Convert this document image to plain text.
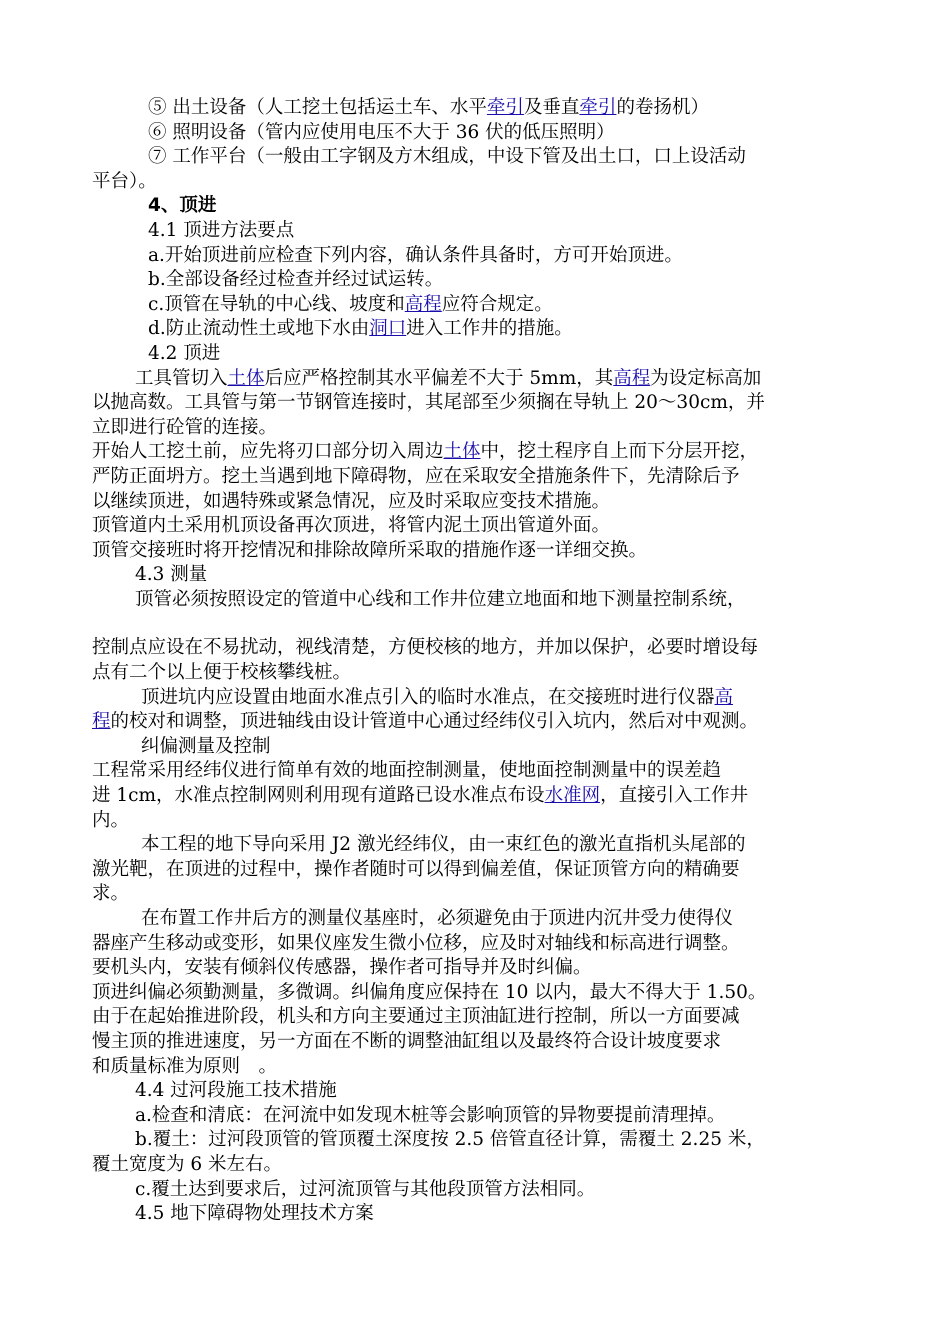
⑤ 出土设备（人工挖土包括运土车、水平牵引及垂直牵引的卷扬机）
⑥ 照明设备（管内应使用电压不大于 36 伏的低压照明）
⑦ 工作平台（一般由工字钢及方木组成，中设下管及出土口，口上设活动
平台）。
4、顶进
4.1 顶进方法要点
a.开始顶进前应检查下列内容，确认条件具备时，方可开始顶进。
b.全部设备经过检查并经过试运转。
c.顶管在导轨的中心线、坡度和高程应符合规定。
d.防止流动性土或地下水由洞口进入工作井的措施。
4.2 顶进
工具管切入土体后应严格控制其水平偏差不大于 5mm，其高程为设定标高加
以抛高数。工具管与第一节钢管连接时，其尾部至少须搁在导轨上 20～30cm，并
立即进行砼管的连接。
开始人工挖土前，应先将刃口部分切入周边土体中，挖土程序自上而下分层开挖，
严防正面坍方。挖土当遇到地下障碍物，应在采取安全措施条件下，先清除后予
以继续顶进，如遇特殊或紧急情况，应及时采取应变技术措施。
顶管道内土采用机顶设备再次顶进，将管内泥土顶出管道外面。
顶管交接班时将开挖情况和排除故障所采取的措施作逐一详细交换。
4.3 测量
顶管必须按照设定的管道中心线和工作井位建立地面和地下测量控制系统，
控制点应设在不易扰动，视线清楚，方便校核的地方，并加以保护，必要时增设每
点有二个以上便于校核攀线桩。
顶进坑内应设置由地面水准点引入的临时水准点，在交接班时进行仪器高
程的校对和调整，顶进轴线由设计管道中心通过经纬仪引入坑内，然后对中观测。
纠偏测量及控制
工程常采用经纬仪进行简单有效的地面控制测量，使地面控制测量中的误差趋
进 1cm，水准点控制网则利用现有道路已设水准点布设水准网，直接引入工作井
内。
本工程的地下导向采用 J2 激光经纬仪，由一束红色的激光直指机头尾部的
激光靶，在顶进的过程中，操作者随时可以得到偏差值，保证顶管方向的精确要
求。
在布置工作井后方的测量仪基座时，必须避免由于顶进内沉井受力使得仪
器座产生移动或变形，如果仪座发生微小位移，应及时对轴线和标高进行调整。
要机头内，安装有倾斜仪传感器，操作者可指导并及时纠偏。
顶进纠偏必须勤测量，多微调。纠偏角度应保持在 10 以内，最大不得大于 1.50。
由于在起始推进阶段，机头和方向主要通过主顶油缸进行控制，所以一方面要减
慢主顶的推进速度，另一方面在不断的调整油缸组以及最终符合设计坡度要求
和质量标准为原则　。
4.4 过河段施工技术措施
a.检查和清底：在河流中如发现木桩等会影响顶管的异物要提前清理掉。
b.覆土：过河段顶管的管顶覆土深度按 2.5 倍管直径计算，需覆土 2.25 米，
覆土宽度为 6 米左右。
c.覆土达到要求后，过河流顶管与其他段顶管方法相同。
4.5 地下障碍物处理技术方案
